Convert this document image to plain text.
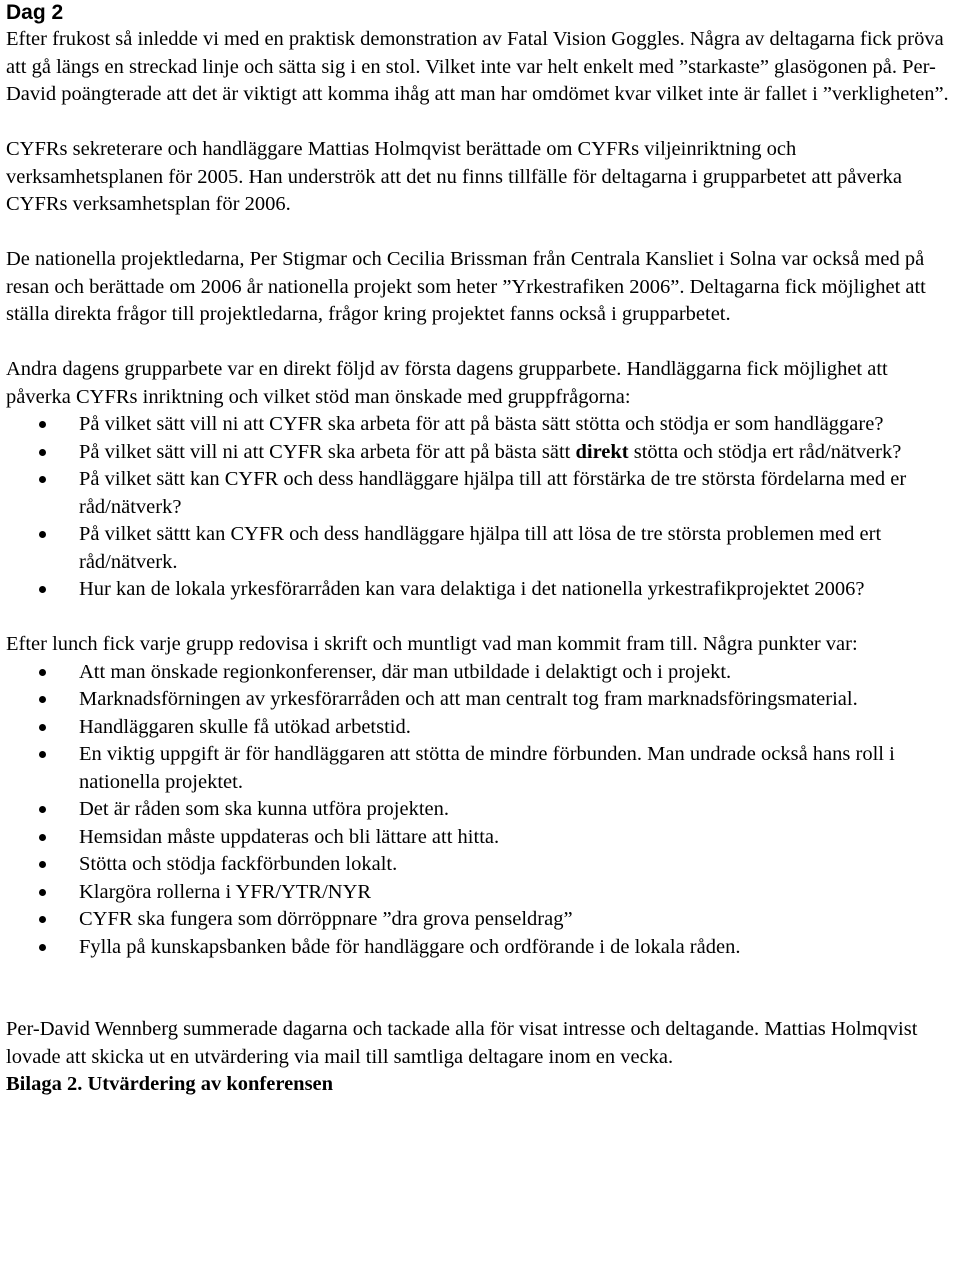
Dag 2

Efter frukost så inledde vi med en praktisk demonstration av Fatal Vision Goggles. Några av deltagarna fick pröva att gå längs en streckad linje och sätta sig i en stol. Vilket inte var helt enkelt med ”starkaste” glasögonen på. Per-David poängterade att det är viktigt att komma ihåg att man har omdömet kvar vilket inte är fallet i ”verkligheten”.

CYFRs sekreterare och handläggare Mattias Holmqvist berättade om CYFRs viljeinriktning och verksamhetsplanen för 2005. Han underströk att det nu finns tillfälle för deltagarna i grupparbetet att påverka CYFRs verksamhetsplan för 2006.

De nationella projektledarna, Per Stigmar och Cecilia Brissman från Centrala Kansliet i Solna var också med på resan och berättade om 2006 år nationella projekt som heter ”Yrkestrafiken 2006”. Deltagarna fick möjlighet att ställa direkta frågor till projektledarna, frågor kring projektet fanns också i grupparbetet.

Andra dagens grupparbete var en direkt följd av första dagens grupparbete. Handläggarna fick möjlighet att påverka CYFRs inriktning och vilket stöd man önskade med gruppfrågorna:

På vilket sätt vill ni att CYFR ska arbeta för att på bästa sätt stötta och stödja er som handläggare?
På vilket sätt vill ni att CYFR ska arbeta för att på bästa sätt direkt stötta och stödja ert råd/nätverk?
På vilket sätt kan CYFR och dess handläggare hjälpa till att förstärka de tre största fördelarna med er råd/nätverk?
På vilket sättt kan CYFR och dess handläggare hjälpa till att lösa de tre största problemen med ert råd/nätverk.
Hur kan de lokala yrkesförarråden kan vara delaktiga i det nationella yrkestrafikprojektet 2006?

Efter lunch fick varje grupp redovisa i skrift och muntligt vad man kommit fram till. Några punkter var:

Att man önskade regionkonferenser, där man utbildade i delaktigt och i projekt.
Marknadsförningen av yrkesförarråden och att man centralt tog fram marknadsföringsmaterial.
Handläggaren skulle få utökad arbetstid.
En viktig uppgift är för handläggaren att stötta de mindre förbunden. Man undrade också hans roll i nationella projektet.
Det är råden som ska kunna utföra projekten.
Hemsidan måste uppdateras och bli lättare att hitta.
Stötta och stödja fackförbunden lokalt.
Klargöra rollerna i YFR/YTR/NYR
CYFR ska fungera som dörröppnare ”dra grova penseldrag”
Fylla på kunskapsbanken både för handläggare och ordförande i de lokala råden.

Per-David Wennberg summerade dagarna och tackade alla för visat intresse och deltagande. Mattias Holmqvist lovade att skicka ut en utvärdering via mail till samtliga deltagare inom en vecka.

Bilaga 2. Utvärdering av konferensen
